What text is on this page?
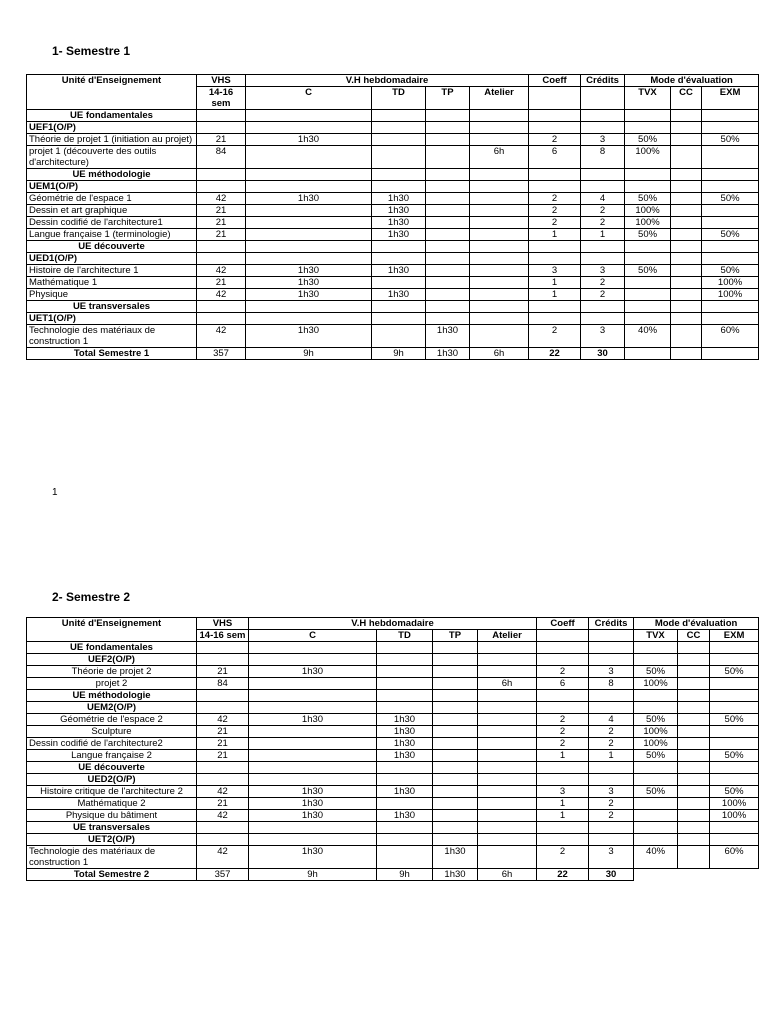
1- Semestre 1
Unité d'Enseignement	VHS	V.H hebdomadaire				Coeff	Crédits	Mode d'évaluation		
	14-16 sem	C	TD	TP	Atelier			TVX	CC	EXM
UE fondamentales										
UEF1(O/P)										
Théorie de projet 1 (initiation au projet)	21	1h30				2	3	50%		50%
projet 1 (découverte des outils d'architecture)	84				6h	6	8	100%		
UE méthodologie										
UEM1(O/P)										
Géométrie de l'espace 1	42	1h30	1h30			2	4	50%		50%
Dessin et art graphique	21		1h30			2	2	100%		
Dessin codifié de l'architecture1	21		1h30			2	2	100%		
Langue française 1 (terminologie)	21		1h30			1	1	50%		50%
UE découverte										
UED1(O/P)										
Histoire de l'architecture 1	42	1h30	1h30			3	3	50%		50%
Mathématique 1	21	1h30				1	2			100%
Physique	42	1h30	1h30			1	2			100%
UE transversales										
UET1(O/P)										
Technologie des matériaux de construction 1	42	1h30		1h30		2	3	40%		60%
Total Semestre 1	357	9h	9h	1h30	6h	22	30			
1
2- Semestre 2
Unité d'Enseignement	VHS	V.H hebdomadaire				Coeff	Crédits	Mode d'évaluation		
	14-16 sem	C	TD	TP	Atelier			TVX	CC	EXM
UE fondamentales										
UEF2(O/P)										
Théorie de projet 2	21	1h30				2	3	50%		50%
projet 2	84				6h	6	8	100%		
UE méthodologie										
UEM2(O/P)										
Géométrie de l'espace 2	42	1h30	1h30			2	4	50%		50%
Sculpture	21		1h30			2	2	100%		
Dessin codifié de l'architecture2	21		1h30			2	2	100%		
Langue française 2	21		1h30			1	1	50%		50%
UE découverte										
UED2(O/P)										
Histoire critique de l'architecture 2	42	1h30	1h30			3	3	50%		50%
Mathématique 2	21	1h30				1	2			100%
Physique du bâtiment	42	1h30	1h30			1	2			100%
UE transversales										
UET2(O/P)										
Technologie des matériaux de construction 1	42	1h30		1h30		2	3	40%		60%
Total Semestre 2	357	9h	9h	1h30	6h	22	30			
